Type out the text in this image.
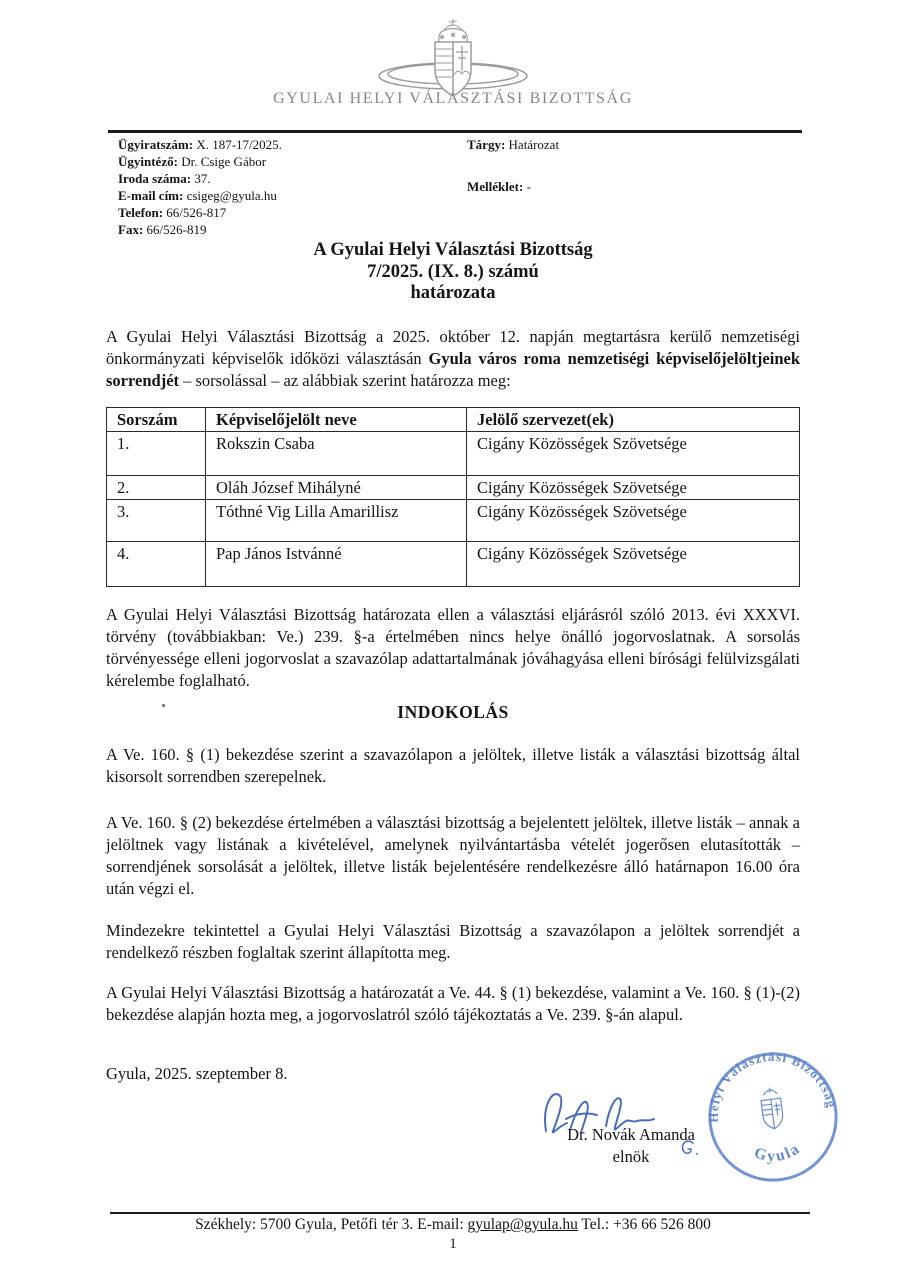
GYULAI HELYI VÁLASZTÁSI BIZOTTSÁG
Ügyiratszám: X. 187-17/2025.
Ügyintéző: Dr. Csige Gábor
Iroda száma: 37.
E-mail cím: csigeg@gyula.hu
Telefon: 66/526-817
Fax: 66/526-819
Tárgy: Határozat
Melléklet: -
A Gyulai Helyi Választási Bizottság
7/2025. (IX. 8.) számú
határozata

A Gyulai Helyi Választási Bizottság a 2025. október 12. napján megtartásra kerülő nemzetiségi önkormányzati képviselők időközi választásán Gyula város roma nemzetiségi képviselőjelöltjeinek sorrendjét – sorsolással – az alábbiak szerint határozza meg:

Sorszám	Képviselőjelölt neve	Jelölő szervezet(ek)
1.	Rokszin Csaba	Cigány Közösségek Szövetsége
2.	Oláh József Mihályné	Cigány Közösségek Szövetsége
3.	Tóthné Vig Lilla Amarillisz	Cigány Közösségek Szövetsége
4.	Pap János Istvánné	Cigány Közösségek Szövetsége

A Gyulai Helyi Választási Bizottság határozata ellen a választási eljárásról szóló 2013. évi XXXVI. törvény (továbbiakban: Ve.) 239. §-a értelmében nincs helye önálló jogorvoslatnak. A sorsolás törvényessége elleni jogorvoslat a szavazólap adattartalmának jóváhagyása elleni bírósági felülvizsgálati kérelembe foglalható.

INDOKOLÁS

A Ve. 160. § (1) bekezdése szerint a szavazólapon a jelöltek, illetve listák a választási bizottság által kisorsolt sorrendben szerepelnek.

A Ve. 160. § (2) bekezdése értelmében a választási bizottság a bejelentett jelöltek, illetve listák – annak a jelöltnek vagy listának a kivételével, amelynek nyilvántartásba vételét jogerősen elutasították – sorrendjének sorsolását a jelöltek, illetve listák bejelentésére rendelkezésre álló határnapon 16.00 óra után végzi el.

Mindezekre tekintettel a Gyulai Helyi Választási Bizottság a szavazólapon a jelöltek sorrendjét a rendelkező részben foglaltak szerint állapította meg.

A Gyulai Helyi Választási Bizottság a határozatát a Ve. 44. § (1) bekezdése, valamint a Ve. 160. § (1)-(2) bekezdése alapján hozta meg, a jogorvoslatról szóló tájékoztatás a Ve. 239. §-án alapul.

Gyula, 2025. szeptember 8.
Dr. Novák Amanda
elnök
Helyi Választási Bizottság
Gyula
Székhely: 5700 Gyula, Petőfi tér 3. E-mail: gyulap@gyula.hu Tel.: +36 66 526 800
1
